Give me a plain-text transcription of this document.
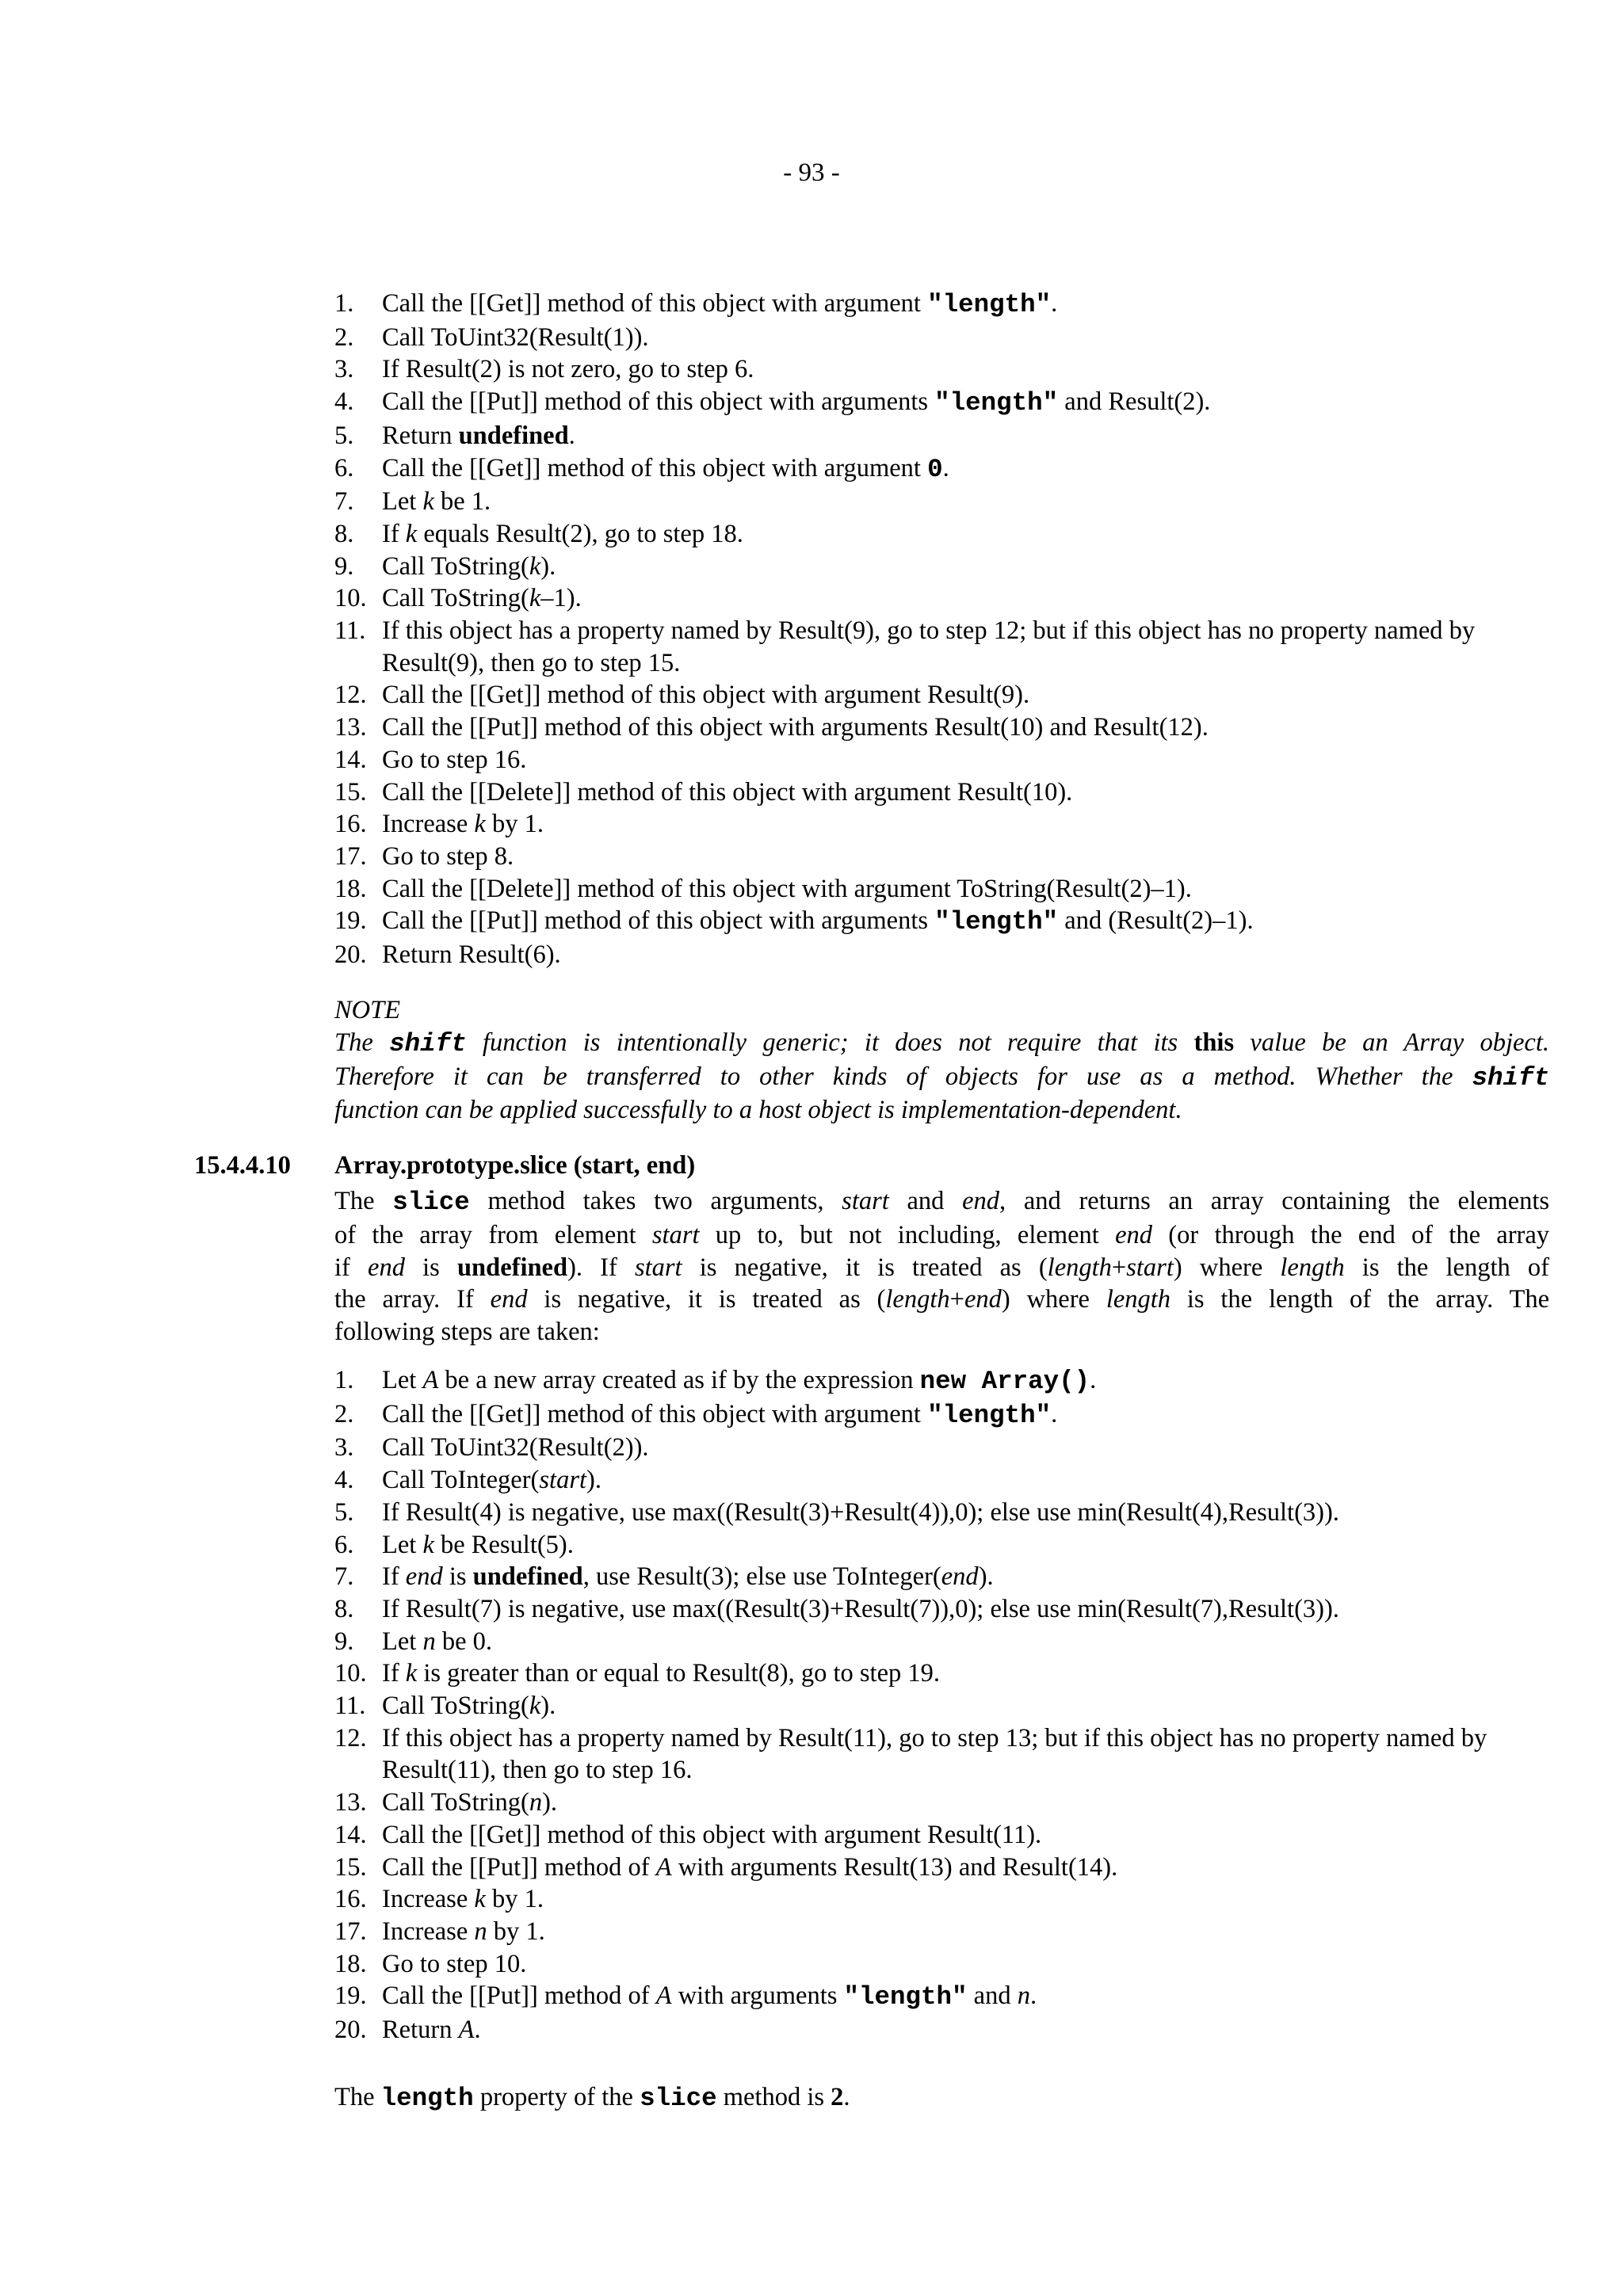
- 93 -
1.	Call the [[Get]] method of this object with argument "length".
2.	Call ToUint32(Result(1)).
3.	If Result(2) is not zero, go to step 6.
4.	Call the [[Put]] method of this object with arguments "length" and Result(2).
5.	Return undefined.
6.	Call the [[Get]] method of this object with argument 0.
7.	Let k be 1.
8.	If k equals Result(2), go to step 18.
9.	Call ToString(k).
10. Call ToString(k–1).
11. If this object has a property named by Result(9), go to step 12; but if this object has no property named by Result(9), then go to step 15.
12. Call the [[Get]] method of this object with argument Result(9).
13. Call the [[Put]] method of this object with arguments Result(10) and Result(12).
14. Go to step 16.
15. Call the [[Delete]] method of this object with argument Result(10).
16. Increase k by 1.
17. Go to step 8.
18. Call the [[Delete]] method of this object with argument ToString(Result(2)–1).
19. Call the [[Put]] method of this object with arguments "length" and (Result(2)–1).
20. Return Result(6).
NOTE
The shift function is intentionally generic; it does not require that its this value be an Array object.
Therefore it can be transferred to other kinds of objects for use as a method. Whether the shift
function can be applied successfully to a host object is implementation-dependent.
15.4.4.10	Array.prototype.slice (start, end)
The slice method takes two arguments, start and end, and returns an array containing the elements
of the array from element start up to, but not including, element end (or through the end of the array
if end is undefined). If start is negative, it is treated as (length+start) where length is the length of
the array. If end is negative, it is treated as (length+end) where length is the length of the array. The
following steps are taken:
1.	Let A be a new array created as if by the expression new Array().
2.	Call the [[Get]] method of this object with argument "length".
3.	Call ToUint32(Result(2)).
4.	Call ToInteger(start).
5.	If Result(4) is negative, use max((Result(3)+Result(4)),0); else use min(Result(4),Result(3)).
6.	Let k be Result(5).
7.	If end is undefined, use Result(3); else use ToInteger(end).
8.	If Result(7) is negative, use max((Result(3)+Result(7)),0); else use min(Result(7),Result(3)).
9.	Let n be 0.
10. If k is greater than or equal to Result(8), go to step 19.
11. Call ToString(k).
12. If this object has a property named by Result(11), go to step 13; but if this object has no property named by Result(11), then go to step 16.
13. Call ToString(n).
14. Call the [[Get]] method of this object with argument Result(11).
15. Call the [[Put]] method of A with arguments Result(13) and Result(14).
16. Increase k by 1.
17. Increase n by 1.
18. Go to step 10.
19. Call the [[Put]] method of A with arguments "length" and n.
20. Return A.
The length property of the slice method is 2.
